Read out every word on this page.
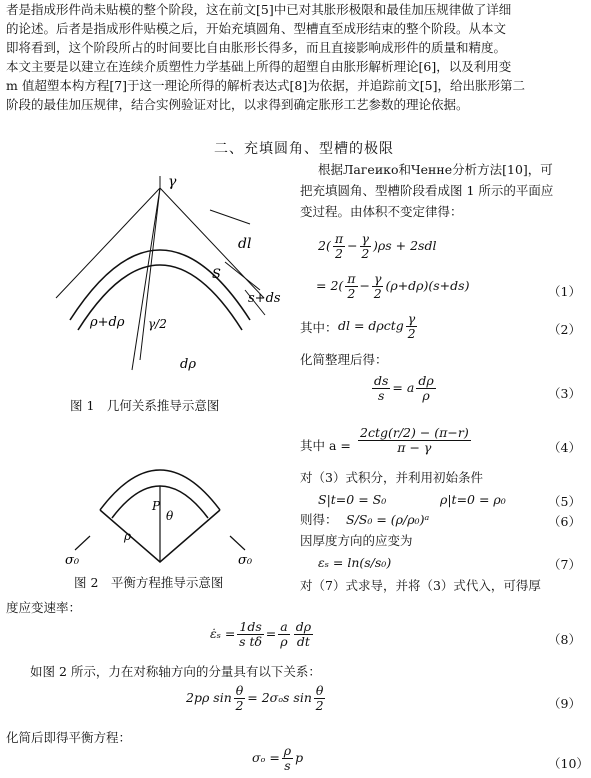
者是指成形件尚未贴模的整个阶段，这在前文[5]中已对其胀形极限和最佳加压规律做了详细
的论述。后者是指成形件贴模之后，开始充填圆角、型槽直至成形结束的整个阶段。从本文
即将看到，这个阶段所占的时间要比自由胀形长得多，而且直接影响成形件的质量和精度。
本文主要是以建立在连续介质塑性力学基础上所得的超塑自由胀形解析理论[6]，以及利用变
m 值超塑本构方程[7]于这一理论所得的解析表达式[8]为依据，并追踪前文[5]，给出胀形第二
阶段的最佳加压规律，结合实例验证对比，以求得到确定胀形工艺参数的理论依据。
二、充填圆角、型槽的极限
γ
dl
S
s+ds
ρ+dρ γ/2
dρ
图 1　几何关系推导示意图
σ₀	σ₀
ρ
P
θ
图 2　平衡方程推导示意图
根据Лагеико和Ченне分析方法[10]，可
把充填圆角、型槽阶段看成图 1 所示的平面应
变过程。由体积不变定律得：
$2( \frac{\pi}{2} - \frac{\gamma}{2} )\rho s + 2sdl$
= $2( \frac{\pi}{2} - \frac{\gamma}{2} (\rho+d\rho)(s+ds)$	（1）
其中： dl = dρctg $\frac{\gamma}{2}$	（2）
化简整理后得：
$\frac{ds}{s} = a \frac{d\rho}{\rho}$	（3）
其中 $a = \frac{\text{2ctg(r/2) − (π−r)}}{\pi - \gamma}$	（4）
对（3）式积分，并利用初始条件
S|t=0 = S₀	ρ|t=0 = ρ₀	（5）
则得： S/S₀ = (ρ/ρ₀)ᵃ	（6）
因厚度方向的应变为
εₛ = ln(s/s₀)	（7）
对（7）式求导，并将（3）式代入，可得厚
度应变速率：
ε̇ₛ = $\frac{1ds}{\text{s tδ}} = \frac{a}{\rho} \frac{d\rho}{dt}$	（8）
如图 2 所示，力在对称轴方向的分量具有以下关系：
2pρ $\sin \frac{\theta}{2} = 2\sigma_os$ $\sin \frac{\theta}{2}$	（9）
化简后即得平衡方程：
$\sigma_o = \frac{\rho}{s}$ p	（10）
